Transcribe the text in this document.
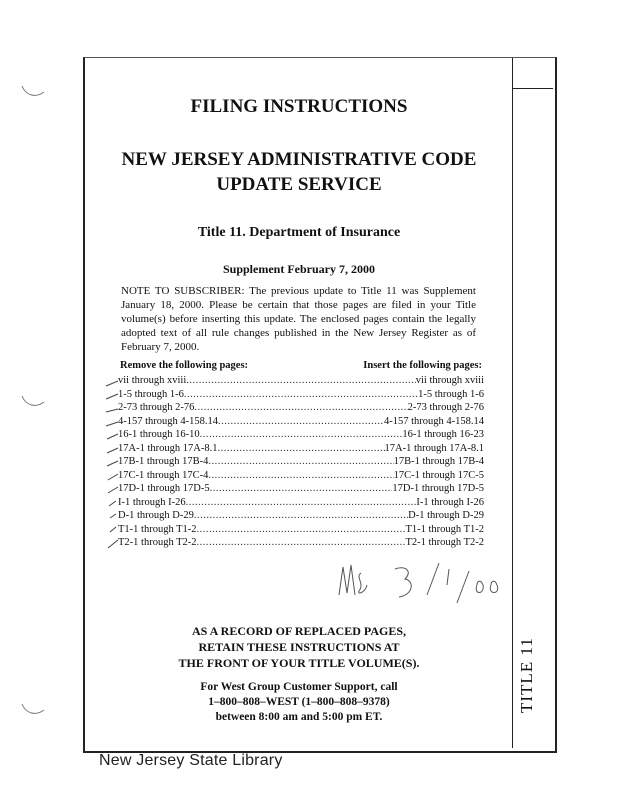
TITLE 11
FILING INSTRUCTIONS
NEW JERSEY ADMINISTRATIVE CODE
UPDATE SERVICE
Title 11. Department of Insurance
Supplement February 7, 2000
NOTE TO SUBSCRIBER: The previous update to Title 11 was Supplement January 18, 2000. Please be certain that those pages are filed in your Title volume(s) before inserting this update. The enclosed pages contain the legally adopted text of all rule changes published in the New Jersey Register as of February 7, 2000.
Remove the following pages:	Insert the following pages:
vii through xviii .....	vii through xviii
1-5 through 1-6 .....	1-5 through 1-6
2-73 through 2-76 .....	2-73 through 2-76
4-157 through 4-158.14 .....	4-157 through 4-158.14
16-1 through 16-10 .....	16-1 through 16-23
17A-1 through 17A-8.1 .....	17A-1 through 17A-8.1
17B-1 through 17B-4 .....	17B-1 through 17B-4
17C-1 through 17C-4 .....	17C-1 through 17C-5
17D-1 through 17D-5 .....	17D-1 through 17D-5
I-1 through I-26 .....	I-1 through I-26
D-1 through D-29 .....	D-1 through D-29
T1-1 through T1-2 .....	T1-1 through T1-2
T2-1 through T2-2 .....	T2-1 through T2-2
AS A RECORD OF REPLACED PAGES,
RETAIN THESE INSTRUCTIONS AT
THE FRONT OF YOUR TITLE VOLUME(S).
For West Group Customer Support, call
1–800–808–WEST (1–800–808–9378)
between 8:00 am and 5:00 pm ET.
New Jersey State Library
